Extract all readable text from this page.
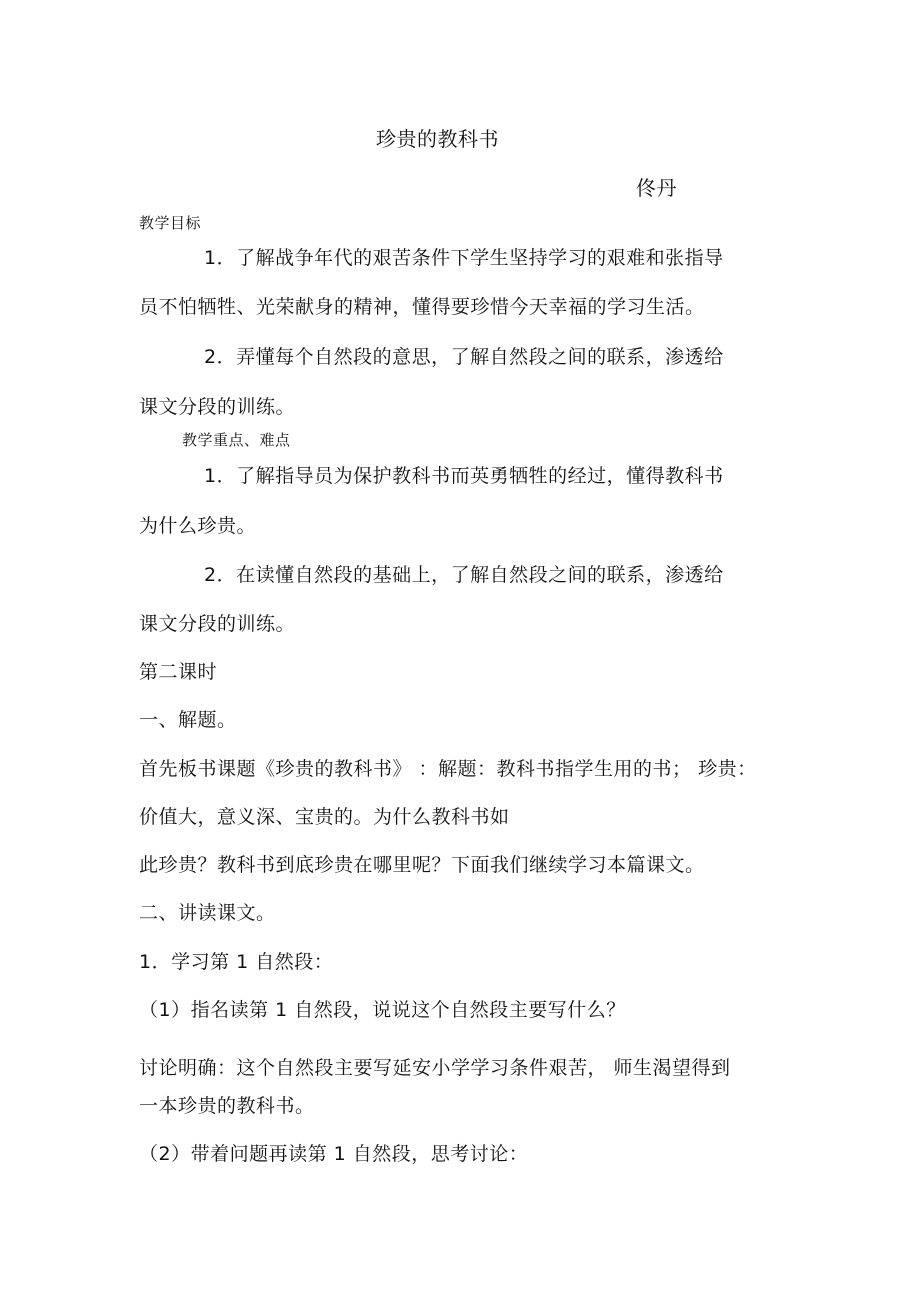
珍贵的教科书
佟丹
教学目标
1．了解战争年代的艰苦条件下学生坚持学习的艰难和张指导
员不怕牺牲、光荣献身的精神，懂得要珍惜今天幸福的学习生活。
2．弄懂每个自然段的意思，了解自然段之间的联系，渗透给
课文分段的训练。
教学重点、难点
1．了解指导员为保护教科书而英勇牺牲的经过，懂得教科书
为什么珍贵。
2．在读懂自然段的基础上，了解自然段之间的联系，渗透给
课文分段的训练。
第二课时
一、解题。
首先板书课题《珍贵的教科书》 ：解题：教科书指学生用的书； 珍贵：
价值大，意义深、宝贵的。为什么教科书如
此珍贵？教科书到底珍贵在哪里呢？下面我们继续学习本篇课文。
二、讲读课文。
1．学习第 1 自然段：
（1）指名读第 1 自然段，说说这个自然段主要写什么？
讨论明确：这个自然段主要写延安小学学习条件艰苦， 师生渴望得到
一本珍贵的教科书。
（2）带着问题再读第 1 自然段，思考讨论：
